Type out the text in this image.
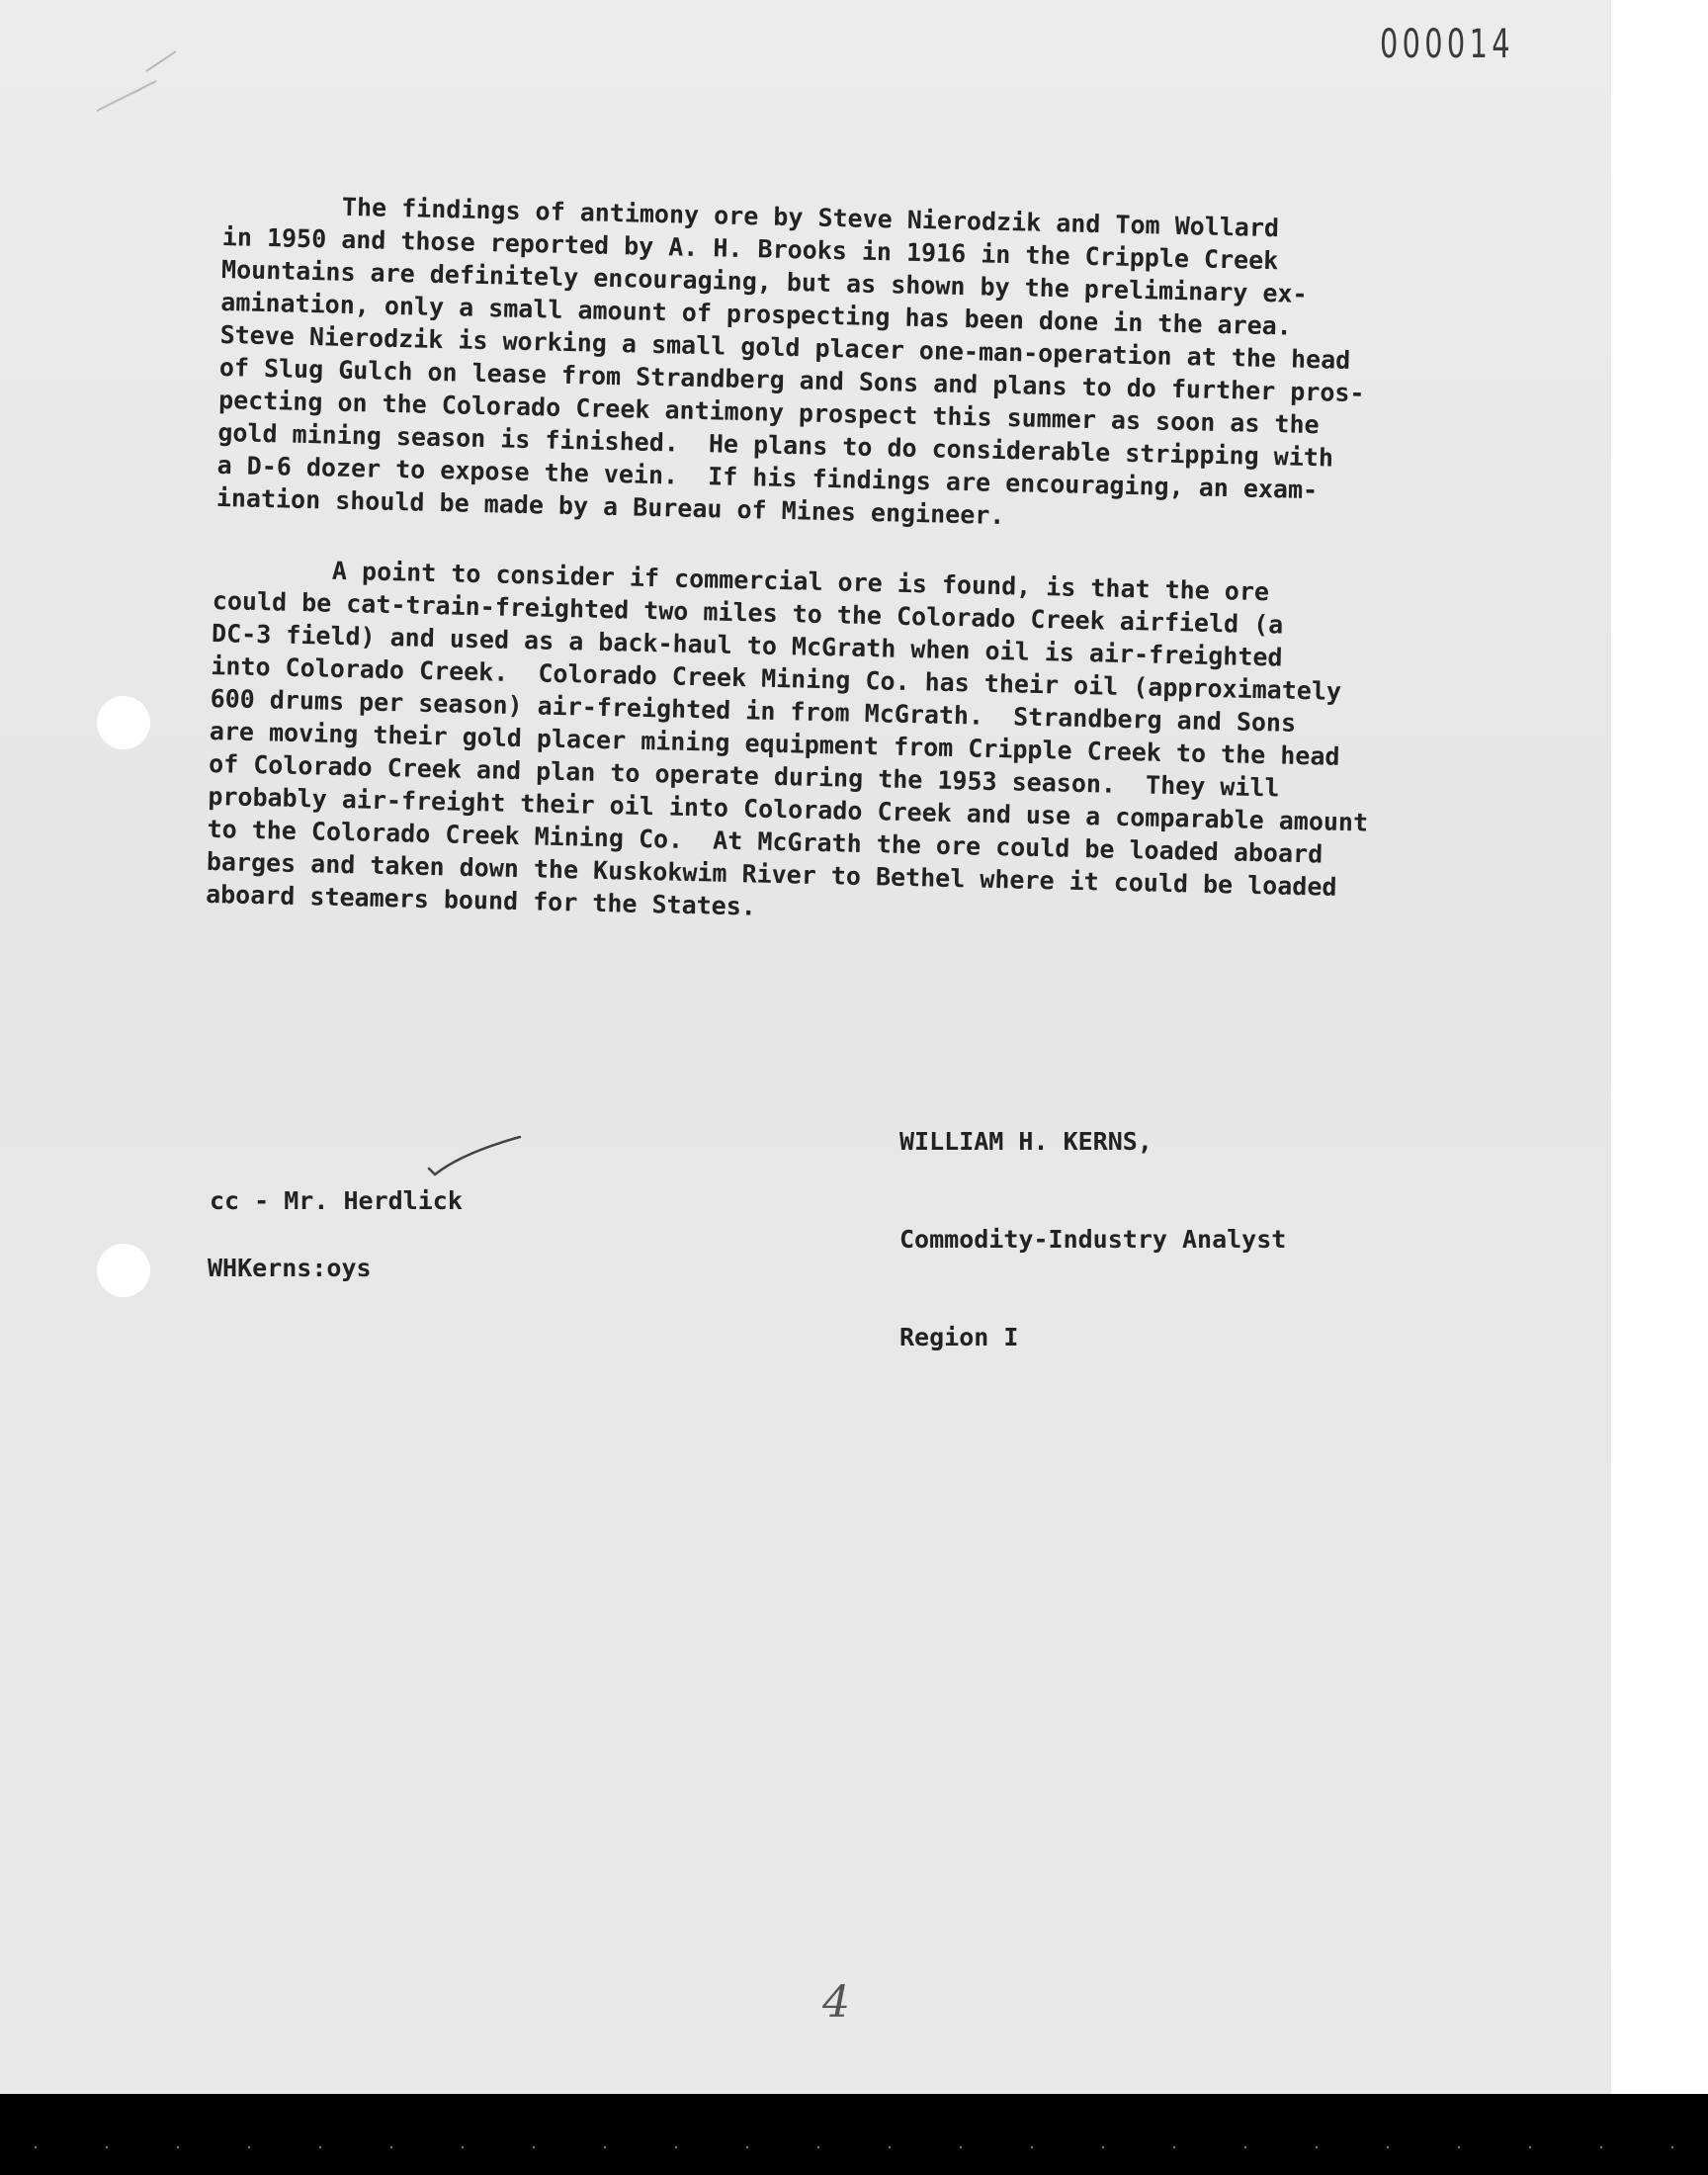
000014

The findings of antimony ore by Steve Nierodzik and Tom Wollard
in 1950 and those reported by A. H. Brooks in 1916 in the Cripple Creek
Mountains are definitely encouraging, but as shown by the preliminary ex-
amination, only a small amount of prospecting has been done in the area.
Steve Nierodzik is working a small gold placer one-man-operation at the head
of Slug Gulch on lease from Strandberg and Sons and plans to do further pros-
pecting on the Colorado Creek antimony prospect this summer as soon as the
gold mining season is finished.  He plans to do considerable stripping with
a D-6 dozer to expose the vein.  If his findings are encouraging, an exam-
ination should be made by a Bureau of Mines engineer.

A point to consider if commercial ore is found, is that the ore
could be cat-train-freighted two miles to the Colorado Creek airfield (a
DC-3 field) and used as a back-haul to McGrath when oil is air-freighted
into Colorado Creek.  Colorado Creek Mining Co. has their oil (approximately
600 drums per season) air-freighted in from McGrath.  Strandberg and Sons
are moving their gold placer mining equipment from Cripple Creek to the head
of Colorado Creek and plan to operate during the 1953 season.  They will
probably air-freight their oil into Colorado Creek and use a comparable amount
to the Colorado Creek Mining Co.  At McGrath the ore could be loaded aboard
barges and taken down the Kuskokwim River to Bethel where it could be loaded
aboard steamers bound for the States.

WILLIAM H. KERNS,

Commodity-Industry Analyst

Region I

cc - Mr. Herdlick
WHKerns:oys
4
